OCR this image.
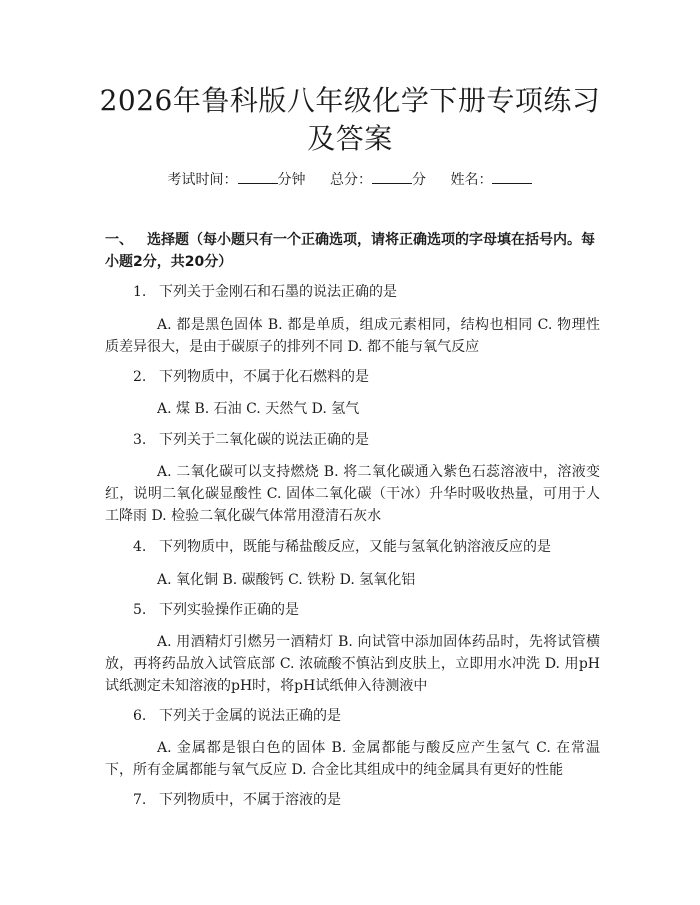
2026年鲁科版八年级化学下册专项练习及答案
考试时间：	分钟 总分：	分 姓名：
一、 选择题（每小题只有一个正确选项，请将正确选项的字母填在括号内。每小题2分，共20分）
1. 下列关于金刚石和石墨的说法正确的是
A. 都是黑色固体 B. 都是单质，组成元素相同，结构也相同 C. 物理性质差异很大，是由于碳原子的排列不同 D. 都不能与氧气反应
2. 下列物质中，不属于化石燃料的是
A. 煤 B. 石油 C. 天然气 D. 氢气
3. 下列关于二氧化碳的说法正确的是
A. 二氧化碳可以支持燃烧 B. 将二氧化碳通入紫色石蕊溶液中，溶液变红，说明二氧化碳显酸性 C. 固体二氧化碳（干冰）升华时吸收热量，可用于人工降雨 D. 检验二氧化碳气体常用澄清石灰水
4. 下列物质中，既能与稀盐酸反应，又能与氢氧化钠溶液反应的是
A. 氧化铜 B. 碳酸钙 C. 铁粉 D. 氢氧化铝
5. 下列实验操作正确的是
A. 用酒精灯引燃另一酒精灯 B. 向试管中添加固体药品时，先将试管横放，再将药品放入试管底部 C. 浓硫酸不慎沾到皮肤上，立即用水冲洗 D. 用pH试纸测定未知溶液的pH时，将pH试纸伸入待测液中
6. 下列关于金属的说法正确的是
A. 金属都是银白色的固体 B. 金属都能与酸反应产生氢气 C. 在常温下，所有金属都能与氧气反应 D. 合金比其组成中的纯金属具有更好的性能
7. 下列物质中，不属于溶液的是
